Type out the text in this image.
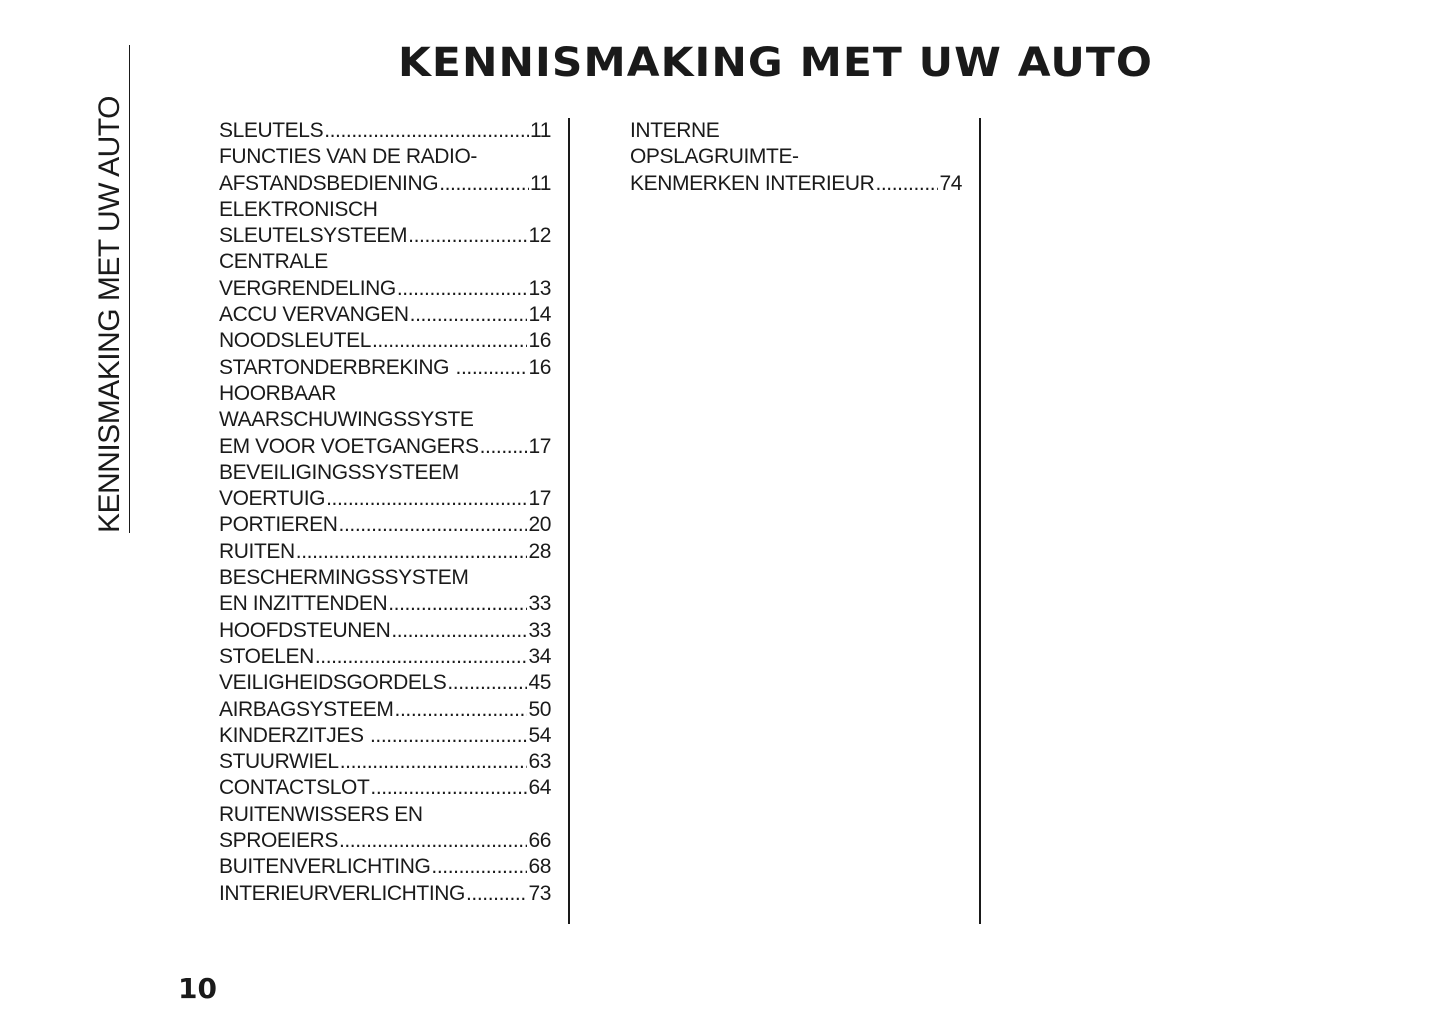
KENNISMAKING MET UW AUTO
KENNISMAKING MET UW AUTO
SLEUTELS .....	11
FUNCTIES VAN DE RADIO-
AFSTANDSBEDIENING .....	11
ELEKTRONISCH
SLEUTELSYSTEEM .....	12
CENTRALE
VERGRENDELING .....	13
ACCU VERVANGEN .....	14
NOODSLEUTEL .....	16
STARTONDERBREKING .....	16
HOORBAAR
WAARSCHUWINGSSYSTE
EM VOOR VOETGANGERS ..... 17
BEVEILIGINGSSYSTEEM
VOERTUIG .....	17
PORTIEREN .....	20
RUITEN .....	28
BESCHERMINGSSYSTEM
EN INZITTENDEN .....	33
HOOFDSTEUNEN .....	33
STOELEN .....	34
VEILIGHEIDSGORDELS .....	45
AIRBAGSYSTEEM .....	50
KINDERZITJES .....	54
STUURWIEL .....	63
CONTACTSLOT .....	64
RUITENWISSERS EN
SPROEIERS .....	66
BUITENVERLICHTING .....	68
INTERIEURVERLICHTING .....	73
INTERNE
OPSLAGRUIMTE-
KENMERKEN INTERIEUR .....	74
10
